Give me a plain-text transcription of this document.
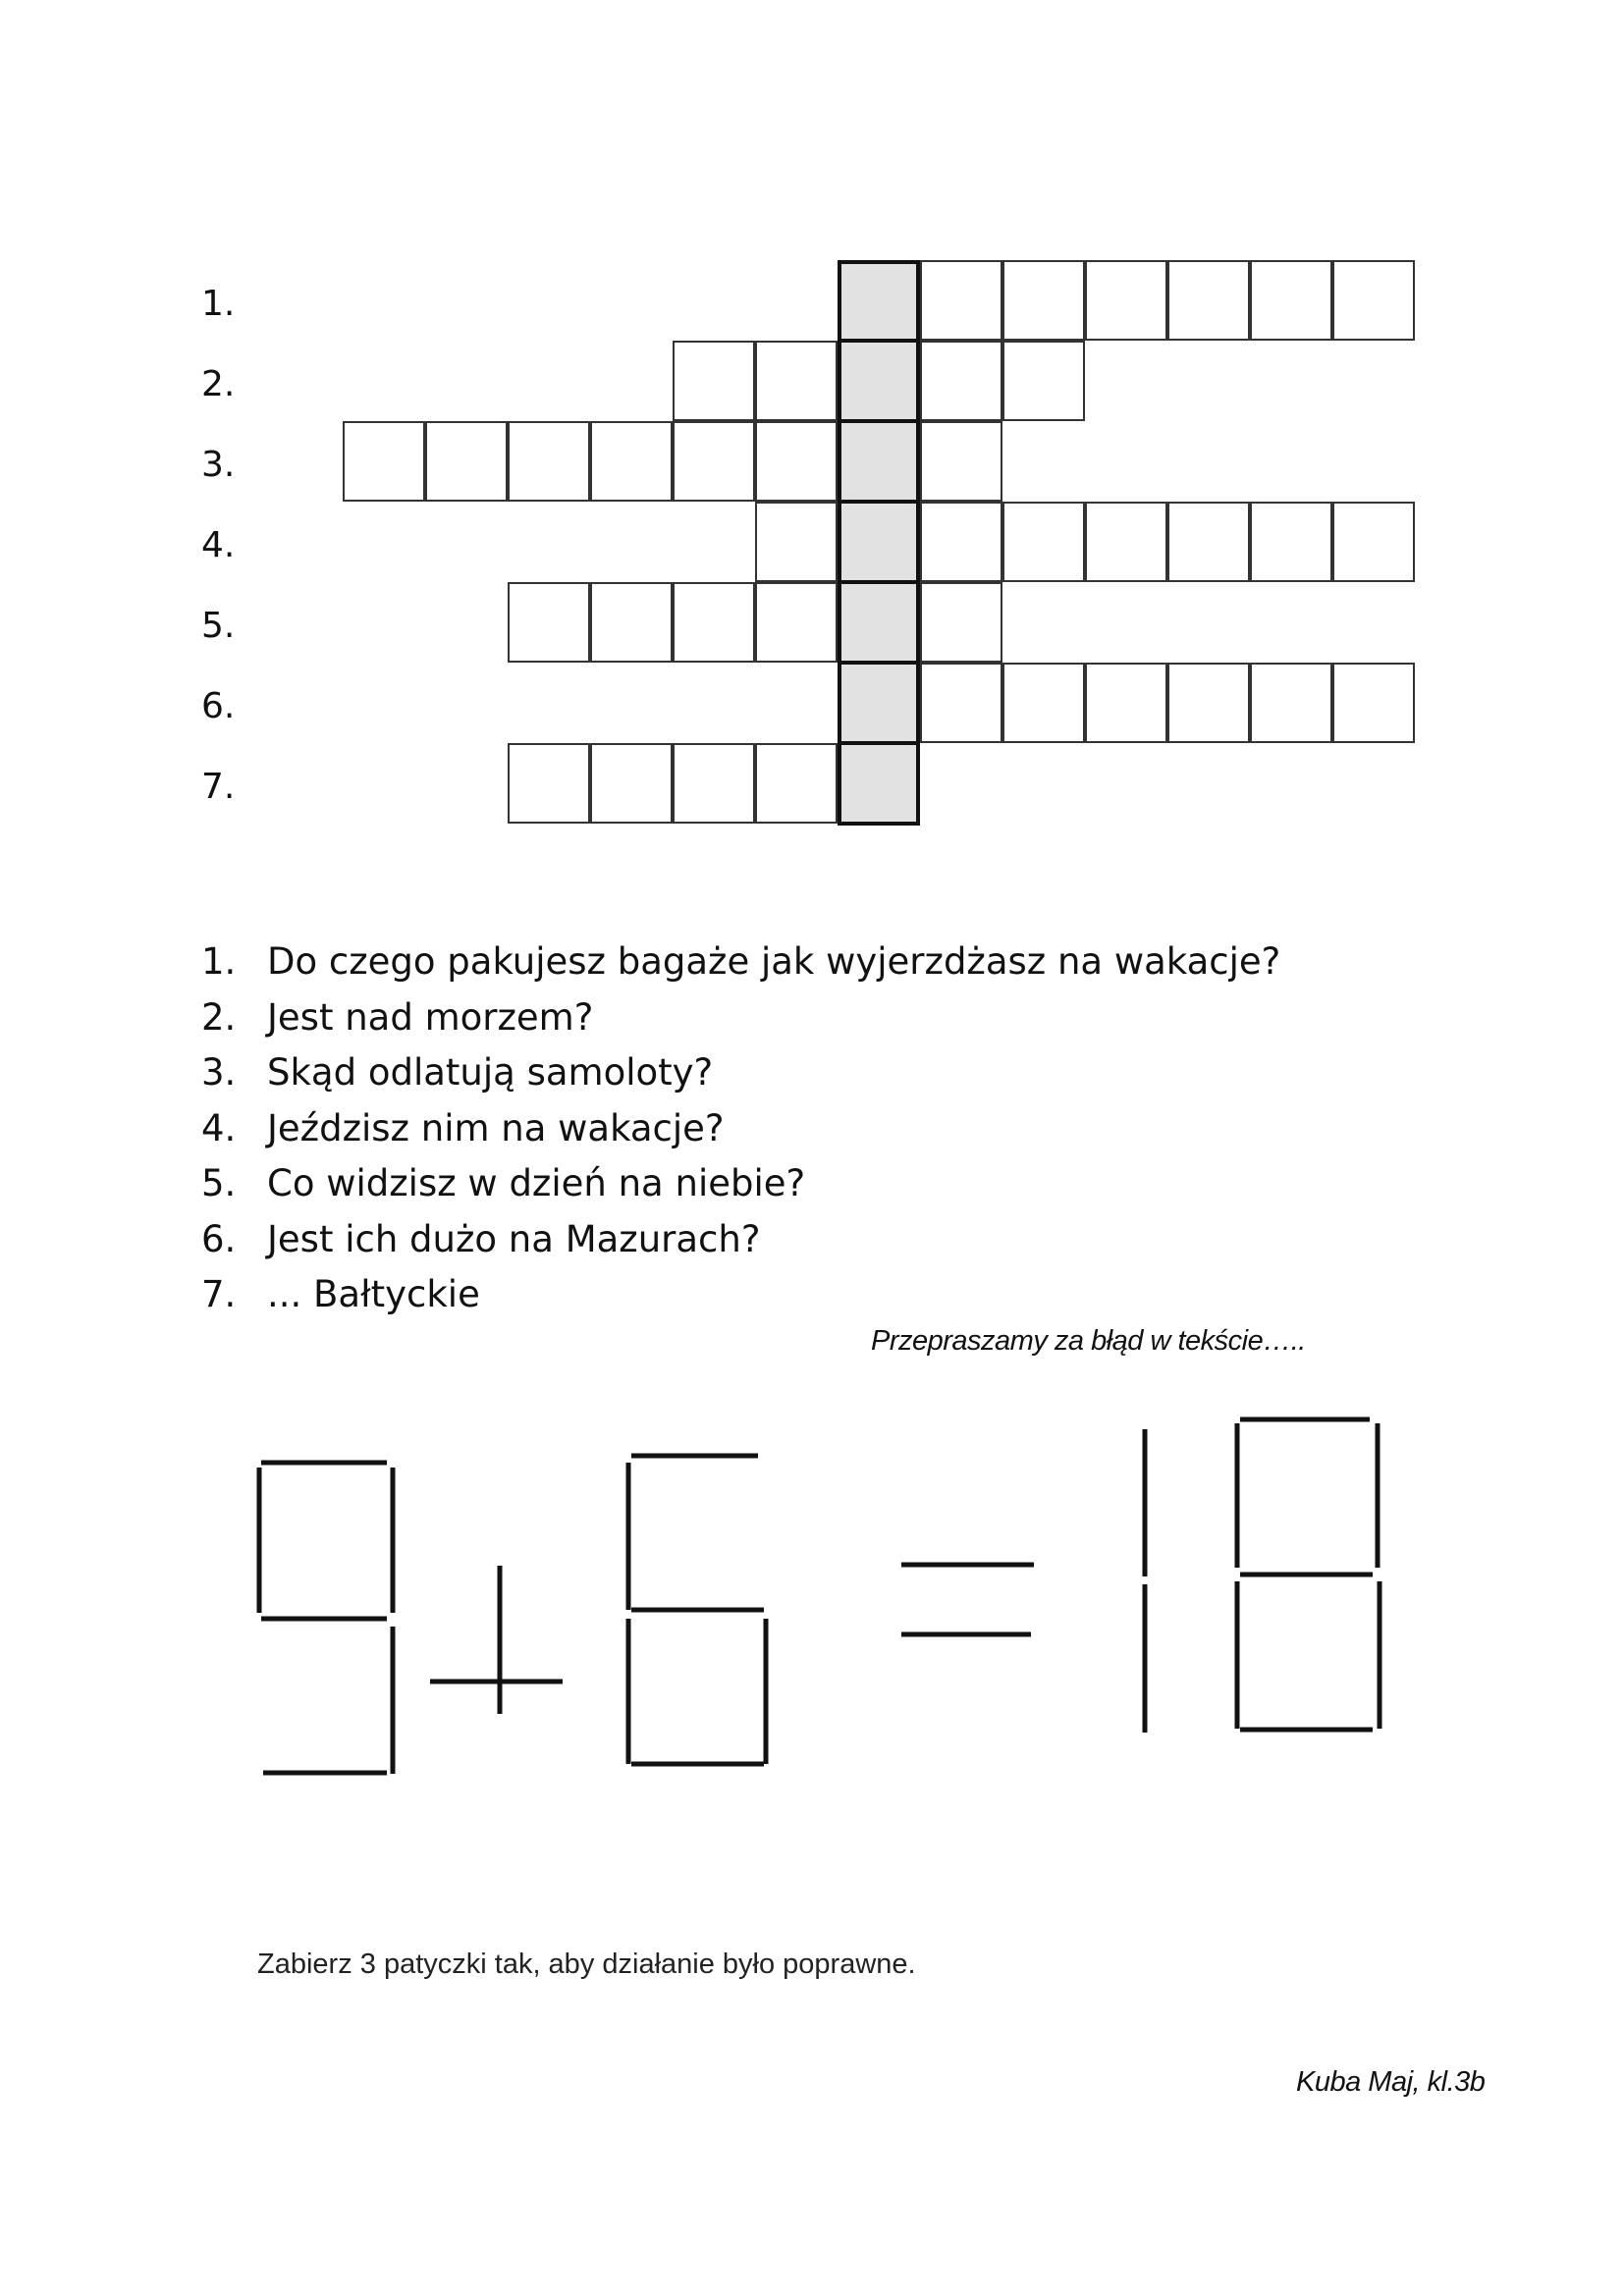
1.
2.
3.
4.
5.
6.
7.
1. Do czego pakujesz bagaże jak wyjerzdżasz na wakacje?
2. Jest nad morzem?
3. Skąd odlatują samoloty?
4. Jeździsz nim na wakacje?
5. Co widzisz w dzień na niebie?
6. Jest ich dużo na Mazurach?
7. ... Bałtyckie
Przepraszamy za błąd w tekście…..
Zabierz 3 patyczki tak, aby działanie było poprawne.
Kuba Maj, kl.3b
